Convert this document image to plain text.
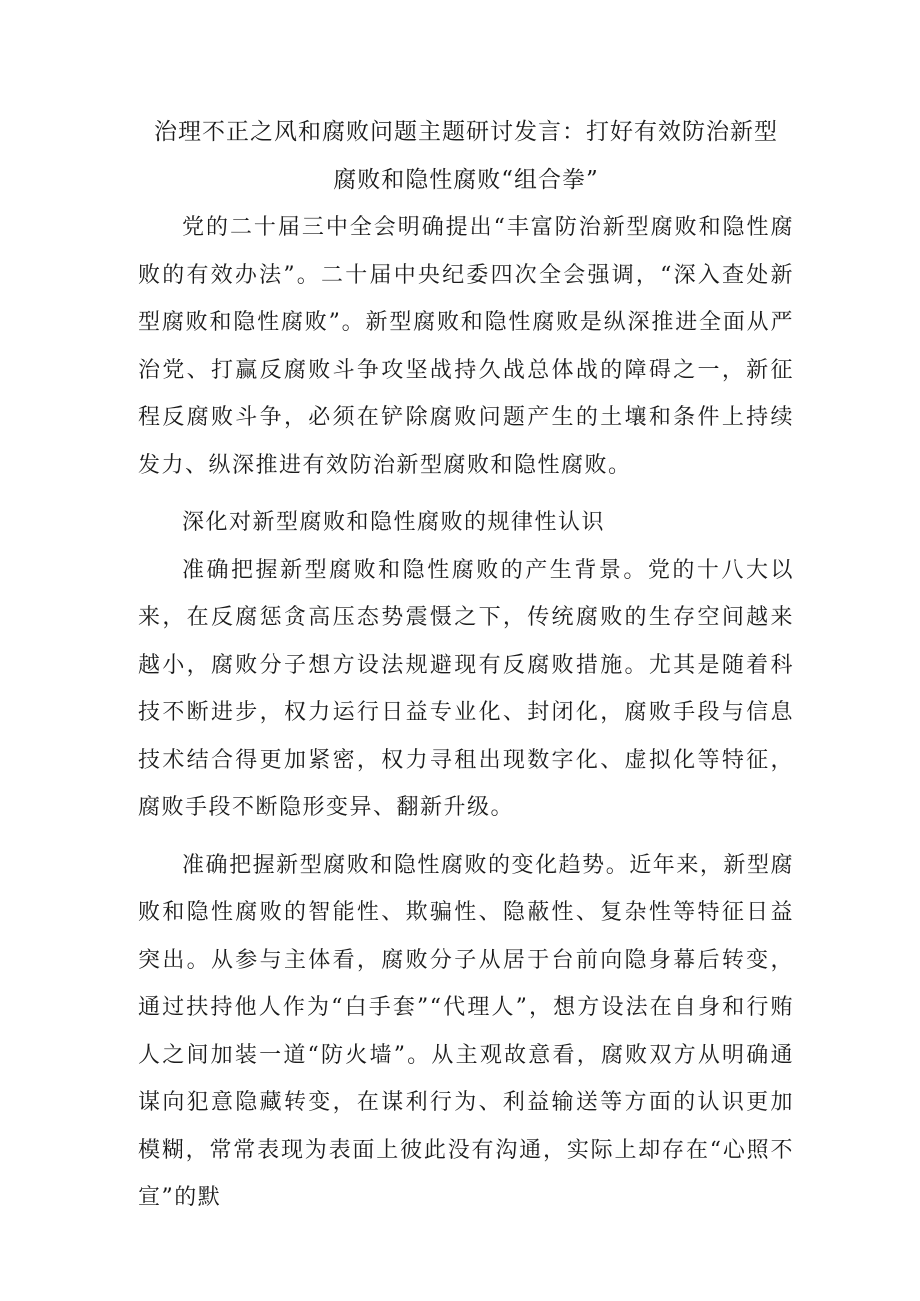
治理不正之风和腐败问题主题研讨发言：打好有效防治新型
腐败和隐性腐败“组合拳”

党的二十届三中全会明确提出“丰富防治新型腐败和隐性腐败的有效办法”。二十届中央纪委四次全会强调，“深入查处新型腐败和隐性腐败”。新型腐败和隐性腐败是纵深推进全面从严治党、打赢反腐败斗争攻坚战持久战总体战的障碍之一，新征程反腐败斗争，必须在铲除腐败问题产生的土壤和条件上持续发力、纵深推进有效防治新型腐败和隐性腐败。

深化对新型腐败和隐性腐败的规律性认识

准确把握新型腐败和隐性腐败的产生背景。党的十八大以来，在反腐惩贪高压态势震慑之下，传统腐败的生存空间越来越小，腐败分子想方设法规避现有反腐败措施。尤其是随着科技不断进步，权力运行日益专业化、封闭化，腐败手段与信息技术结合得更加紧密，权力寻租出现数字化、虚拟化等特征，腐败手段不断隐形变异、翻新升级。

准确把握新型腐败和隐性腐败的变化趋势。近年来，新型腐败和隐性腐败的智能性、欺骗性、隐蔽性、复杂性等特征日益突出。从参与主体看，腐败分子从居于台前向隐身幕后转变，通过扶持他人作为“白手套”“代理人”，想方设法在自身和行贿人之间加装一道“防火墙”。从主观故意看，腐败双方从明确通谋向犯意隐藏转变，在谋利行为、利益输送等方面的认识更加模糊，常常表现为表面上彼此没有沟通，实际上却存在“心照不宣”的默
